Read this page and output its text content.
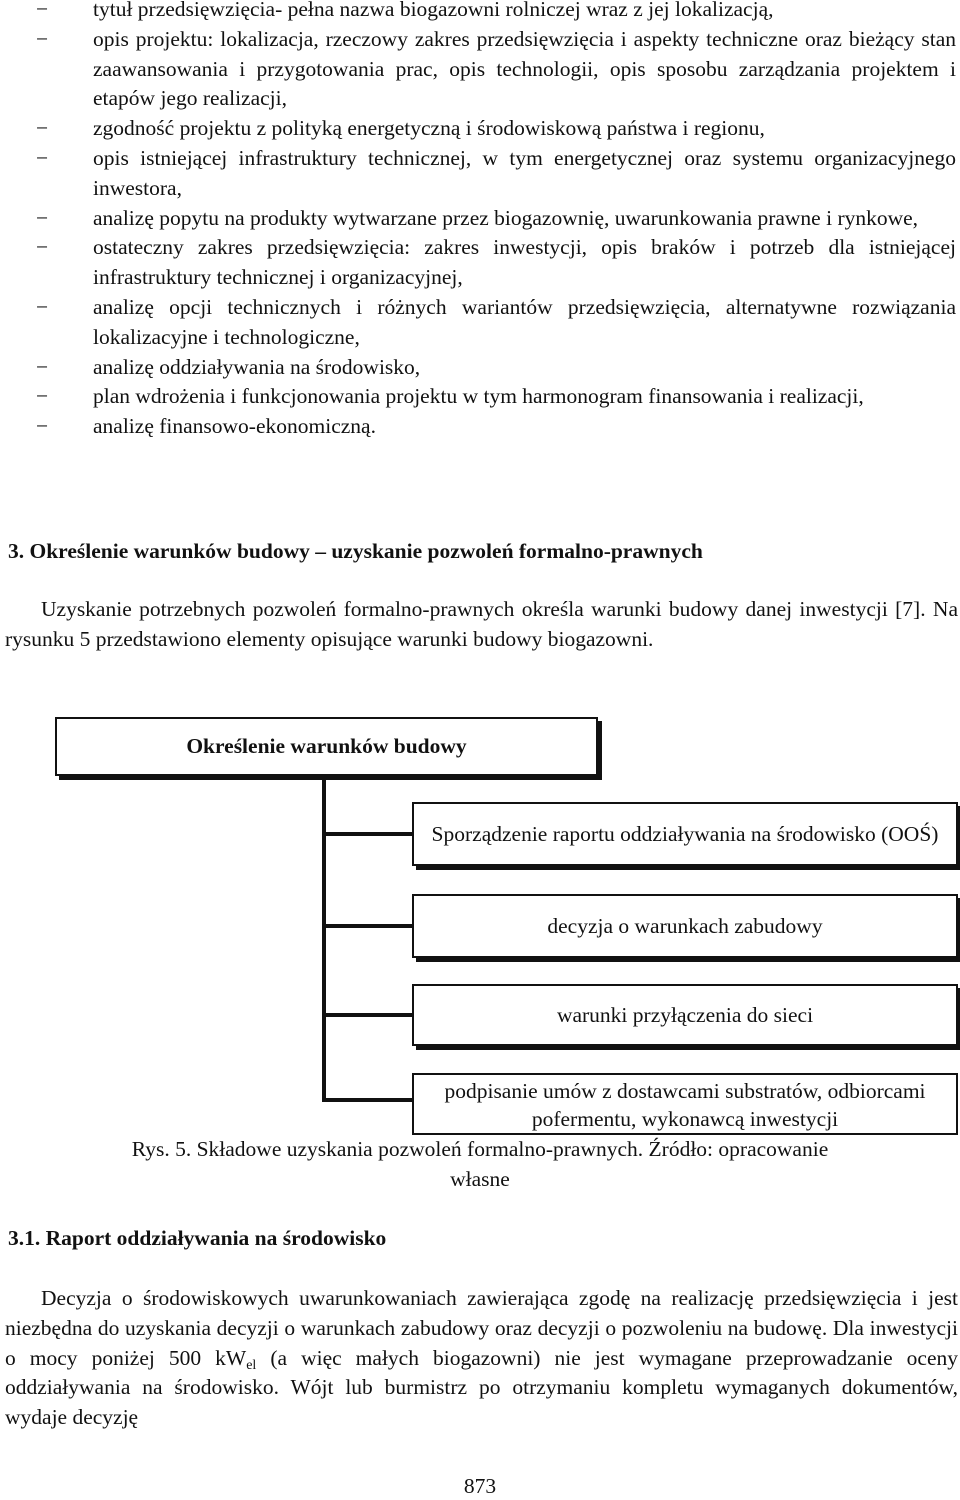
− tytuł przedsięwzięcia- pełna nazwa biogazowni rolniczej wraz z jej lokalizacją,
− opis projektu: lokalizacja, rzeczowy zakres przedsięwzięcia i aspekty techniczne oraz bieżący stan zaawansowania i przygotowania prac, opis technologii, opis sposobu zarządzania projektem i etapów jego realizacji,
− zgodność projektu z polityką energetyczną i środowiskową państwa i regionu,
− opis istniejącej infrastruktury technicznej, w tym energetycznej oraz systemu organizacyjnego inwestora,
− analizę popytu na produkty wytwarzane przez biogazownię, uwarunkowania prawne i rynkowe,
− ostateczny zakres przedsięwzięcia: zakres inwestycji, opis braków i potrzeb dla istniejącej infrastruktury technicznej i organizacyjnej,
− analizę opcji technicznych i różnych wariantów przedsięwzięcia, alternatywne rozwiązania lokalizacyjne i technologiczne,
− analizę oddziaływania na środowisko,
− plan wdrożenia i funkcjonowania projektu w tym harmonogram finansowania i realizacji,
− analizę finansowo-ekonomiczną.
3. Określenie warunków budowy – uzyskanie pozwoleń formalno-prawnych

Uzyskanie potrzebnych pozwoleń formalno-prawnych określa warunki budowy danej inwestycji [7]. Na rysunku 5 przedstawiono elementy opisujące warunki budowy biogazowni.

Określenie warunków budowy
Sporządzenie raportu oddziaływania na środowisko (OOŚ)
decyzja o warunkach zabudowy
warunki przyłączenia do sieci
podpisanie umów z dostawcami substratów, odbiorcami pofermentu, wykonawcą inwestycji
Rys. 5. Składowe uzyskania pozwoleń formalno-prawnych. Źródło: opracowanie
własne
3.1. Raport oddziaływania na środowisko

Decyzja o środowiskowych uwarunkowaniach zawierająca zgodę na realizację przedsięwzięcia i jest niezbędna do uzyskania decyzji o warunkach zabudowy oraz decyzji o pozwoleniu na budowę. Dla inwestycji o mocy poniżej 500 $kW_{el}$ (a więc małych biogazowni) nie jest wymagane przeprowadzanie oceny oddziaływania na środowisko. Wójt lub burmistrz po otrzymaniu kompletu wymaganych dokumentów, wydaje decyzję

873
